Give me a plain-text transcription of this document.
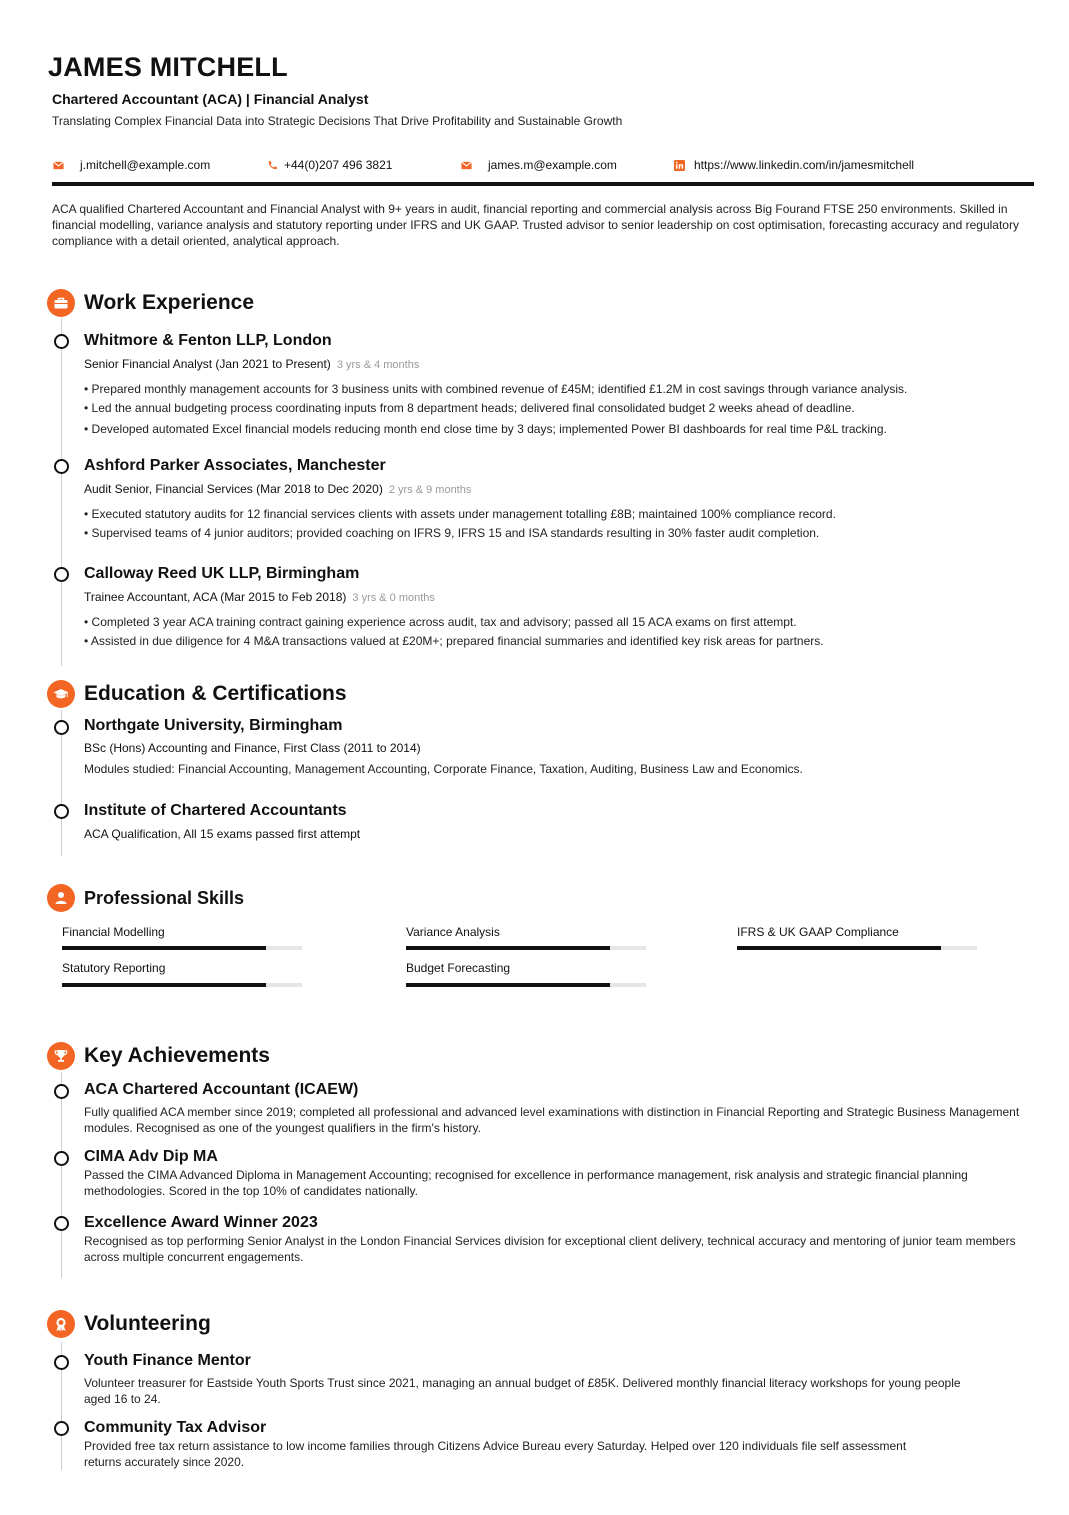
JAMES MITCHELL
Chartered Accountant (ACA) | Financial Analyst
Translating Complex Financial Data into Strategic Decisions That Drive Profitability and Sustainable Growth
j.mitchell@example.com	+44(0)207 496 3821	james.m@example.com	https://www.linkedin.com/in/jamesmitchell
ACA qualified Chartered Accountant and Financial Analyst with 9+ years in audit, financial reporting and commercial analysis across Big Fourand FTSE 250 environments. Skilled in financial modelling, variance analysis and statutory reporting under IFRS and UK GAAP. Trusted advisor to senior leadership on cost optimisation, forecasting accuracy and regulatory compliance with a detail oriented, analytical approach.
Work Experience
Whitmore & Fenton LLP, London
Senior Financial Analyst (Jan 2021 to Present) 3 yrs & 4 months
• Prepared monthly management accounts for 3 business units with combined revenue of £45M; identified £1.2M in cost savings through variance analysis.
• Led the annual budgeting process coordinating inputs from 8 department heads; delivered final consolidated budget 2 weeks ahead of deadline.
• Developed automated Excel financial models reducing month end close time by 3 days; implemented Power BI dashboards for real time P&L tracking.
Ashford Parker Associates, Manchester
Audit Senior, Financial Services (Mar 2018 to Dec 2020) 2 yrs & 9 months
• Executed statutory audits for 12 financial services clients with assets under management totalling £8B; maintained 100% compliance record.
• Supervised teams of 4 junior auditors; provided coaching on IFRS 9, IFRS 15 and ISA standards resulting in 30% faster audit completion.
Calloway Reed UK LLP, Birmingham
Trainee Accountant, ACA (Mar 2015 to Feb 2018) 3 yrs & 0 months
• Completed 3 year ACA training contract gaining experience across audit, tax and advisory; passed all 15 ACA exams on first attempt.
• Assisted in due diligence for 4 M&A transactions valued at £20M+; prepared financial summaries and identified key risk areas for partners.
Education & Certifications
Northgate University, Birmingham
BSc (Hons) Accounting and Finance, First Class (2011 to 2014)
Modules studied: Financial Accounting, Management Accounting, Corporate Finance, Taxation, Auditing, Business Law and Economics.
Institute of Chartered Accountants
ACA Qualification, All 15 exams passed first attempt
Professional Skills
Financial Modelling	Variance Analysis	IFRS & UK GAAP Compliance
Statutory Reporting	Budget Forecasting
Key Achievements
ACA Chartered Accountant (ICAEW)
Fully qualified ACA member since 2019; completed all professional and advanced level examinations with distinction in Financial Reporting and Strategic Business Management
modules. Recognised as one of the youngest qualifiers in the firm's history.
CIMA Adv Dip MA
Passed the CIMA Advanced Diploma in Management Accounting; recognised for excellence in performance management, risk analysis and strategic financial planning
methodologies. Scored in the top 10% of candidates nationally.
Excellence Award Winner 2023
Recognised as top performing Senior Analyst in the London Financial Services division for exceptional client delivery, technical accuracy and mentoring of junior team members
across multiple concurrent engagements.
Volunteering
Youth Finance Mentor
Volunteer treasurer for Eastside Youth Sports Trust since 2021, managing an annual budget of £85K. Delivered monthly financial literacy workshops for young people
aged 16 to 24.
Community Tax Advisor
Provided free tax return assistance to low income families through Citizens Advice Bureau every Saturday. Helped over 120 individuals file self assessment
returns accurately since 2020.
